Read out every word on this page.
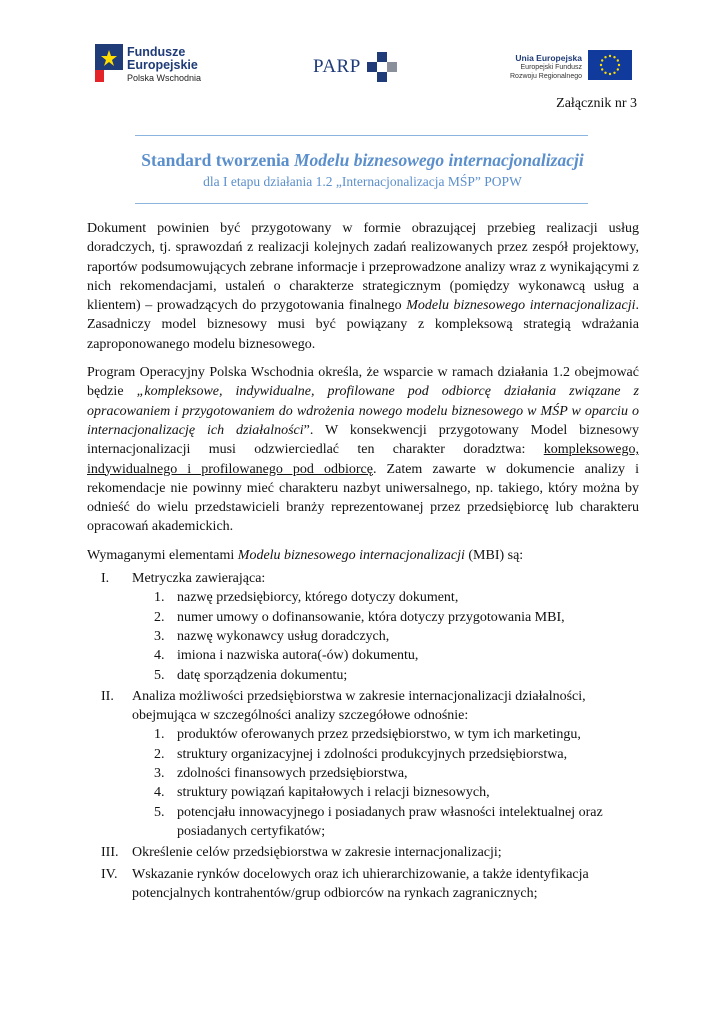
Fundusze
Europejskie
Polska Wschodnia
PARP	Unia Europejska
Europejski Fundusz
Rozwoju Regionalnego
Załącznik nr 3
Standard tworzenia Modelu biznesowego internacjonalizacji
dla I etapu działania 1.2 „Internacjonalizacja MŚP” POPW

Dokument powinien być przygotowany w formie obrazującej przebieg realizacji usług doradczych, tj. sprawozdań z realizacji kolejnych zadań realizowanych przez zespół projektowy, raportów podsumowujących zebrane informacje i przeprowadzone analizy wraz z wynikającymi z nich rekomendacjami, ustaleń o charakterze strategicznym (pomiędzy wykonawcą usług a klientem) – prowadzących do przygotowania finalnego Modelu biznesowego internacjonalizacji. Zasadniczy model biznesowy musi być powiązany z kompleksową strategią wdrażania zaproponowanego modelu biznesowego.

Program Operacyjny Polska Wschodnia określa, że wsparcie w ramach działania 1.2 obejmować będzie „kompleksowe, indywidualne, profilowane pod odbiorcę działania związane z opracowaniem i przygotowaniem do wdrożenia nowego modelu biznesowego w MŚP w oparciu o internacjonalizację ich działalności”. W konsekwencji przygotowany Model biznesowy internacjonalizacji musi odzwierciedlać ten charakter doradztwa: kompleksowego, indywidualnego i profilowanego pod odbiorcę. Zatem zawarte w dokumencie analizy i rekomendacje nie powinny mieć charakteru nazbyt uniwersalnego, np. takiego, który można by odnieść do wielu przedstawicieli branży reprezentowanej przez przedsiębiorcę lub charakteru opracowań akademickich.

Wymaganymi elementami Modelu biznesowego internacjonalizacji (MBI) są:

I. Metryczka zawierająca:
1. nazwę przedsiębiorcy, którego dotyczy dokument,
2. numer umowy o dofinansowanie, która dotyczy przygotowania MBI,
3. nazwę wykonawcy usług doradczych,
4. imiona i nazwiska autora(-ów) dokumentu,
5. datę sporządzenia dokumentu;
II. Analiza możliwości przedsiębiorstwa w zakresie internacjonalizacji działalności, obejmująca w szczególności analizy szczegółowe odnośnie:
1. produktów oferowanych przez przedsiębiorstwo, w tym ich marketingu,
2. struktury organizacyjnej i zdolności produkcyjnych przedsiębiorstwa,
3. zdolności finansowych przedsiębiorstwa,
4. struktury powiązań kapitałowych i relacji biznesowych,
5. potencjału innowacyjnego i posiadanych praw własności intelektualnej oraz posiadanych certyfikatów;
III. Określenie celów przedsiębiorstwa w zakresie internacjonalizacji;
IV. Wskazanie rynków docelowych oraz ich uhierarchizowanie, a także identyfikacja potencjalnych kontrahentów/grup odbiorców na rynkach zagranicznych;
